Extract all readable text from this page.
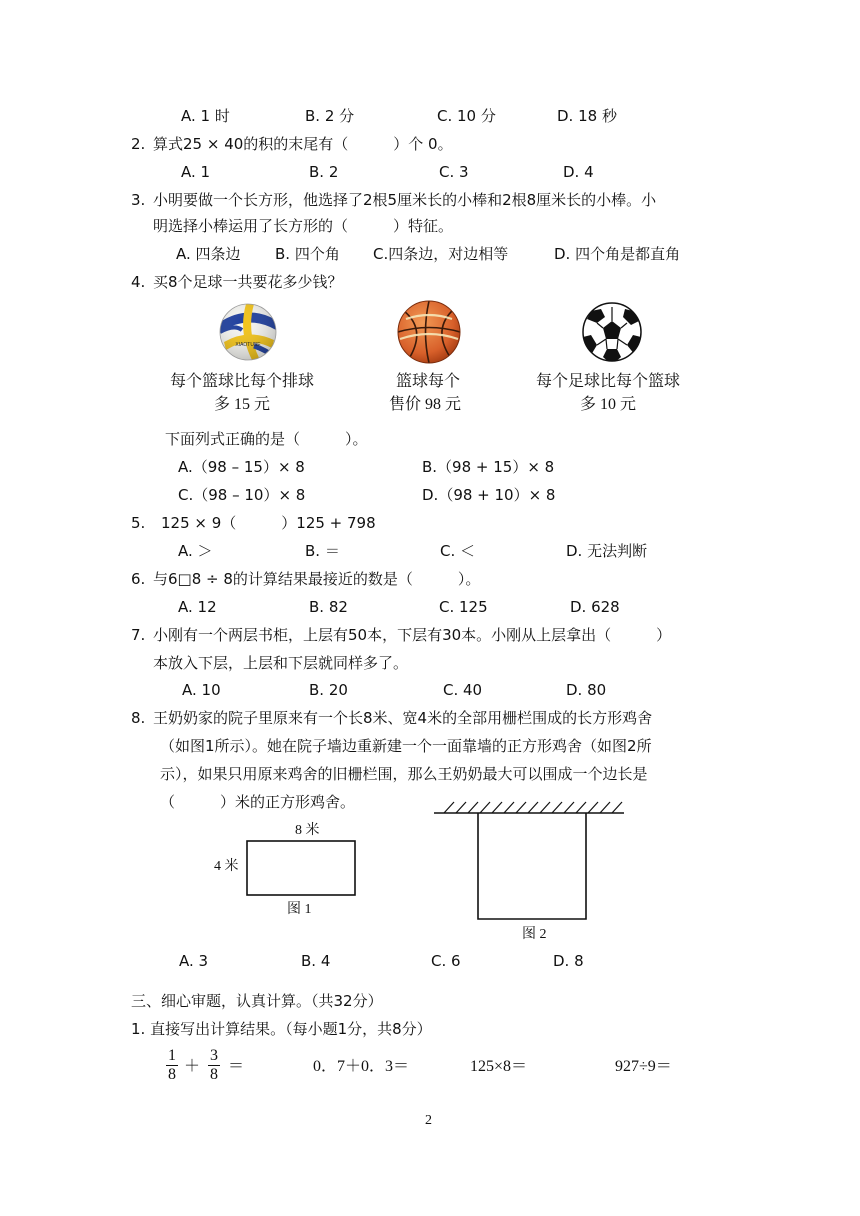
A. 1 时	B. 2 分	C. 10 分	D. 18 秒
2. 算式25 × 40的积的末尾有（　　　）个 0。
A. 1	B. 2	C. 3	D. 4
3. 小明要做一个长方形，他选择了2根5厘米长的小棒和2根8厘米长的小棒。小
明选择小棒运用了长方形的（　　　）特征。
A. 四条边 B. 四个角 C.四条边，对边相等	D. 四个角是都直角
4. 买8个足球一共要花多少钱？
XIAOTUBE
每个篮球比每个排球
多 15 元
篮球每个
售价 98 元
每个足球比每个篮球
多 10 元
下面列式正确的是（　　　）。
A.（98 – 15）× 8	B.（98 + 15）× 8
C.（98 – 10）× 8	D.（98 + 10）× 8
5. 125 × 9（　　　）125 + 798
A. ＞	B. ＝	C. ＜	D. 无法判断
6. 与6□8 ÷ 8的计算结果最接近的数是（　　　）。
A. 12	B. 82	C. 125	D. 628
7. 小刚有一个两层书柜，上层有50本，下层有30本。小刚从上层拿出（　　　）
本放入下层，上层和下层就同样多了。
A. 10	B. 20	C. 40	D. 80
8. 王奶奶家的院子里原来有一个长8米、宽4米的全部用栅栏围成的长方形鸡舍
（如图1所示）。她在院子墙边重新建一个一面靠墙的正方形鸡舍（如图2所
示），如果只用原来鸡舍的旧栅栏围，那么王奶奶最大可以围成一个边长是
（　　　）米的正方形鸡舍。
8 米
4 米
图 1
图 2
A. 3	B. 4	C. 6	D. 8
三、细心审题，认真计算。（共32分）
1. 直接写出计算结果。（每小题1分，共8分）
1
8 ＋
3
8 ＝	0．7＋0．3＝	125×8＝	927÷9＝
2
